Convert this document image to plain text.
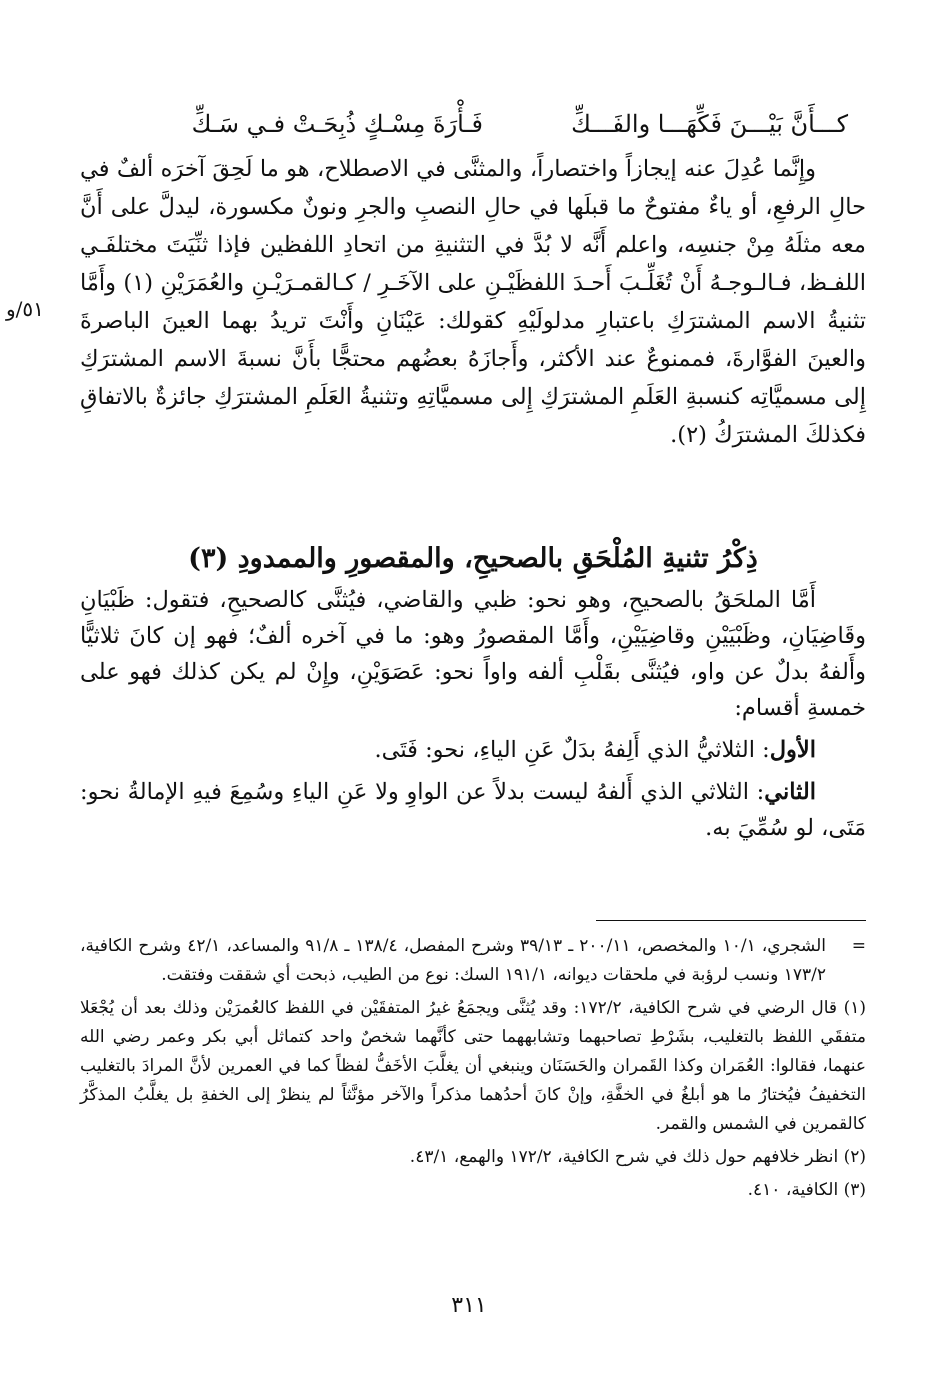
كـــأَنَّ بَيْـــنَ فَكِّهَـــا والفَـــكِّ
فَـأْرَةَ مِسْـكٍ ذُبِحَـتْ فـي سَـكِّ

وإِنَّما عُدِلَ عنه إيجازاً واختصاراً، والمثنَّى في الاصطلاح، هو ما لَحِقَ آخرَه ألفٌ في حالِ الرفعِ، أو ياءٌ مفتوحٌ ما قبلَها في حالِ النصبِ والجرِ ونونٌ مكسورة، ليدلَّ على أَنَّ معه مثلَهُ مِنْ جنسِه، واعلم أَنَّه لا بُدَّ في التثنيةِ من اتحادِ اللفظين فإذا ثنِّيَتَ مختلفَـي اللفـظ، فـالـوجـهُ أَنْ تُغَلِّـبَ أَحـدَ اللفظَيْـنِ على الآخَـرِ / كـالقمـرَيْـنِ والعُمَرَيْنِ (١) وأَمَّا تثنيةُ الاسم المشترَكِ باعتبارِ مدلولَيْهِ كقولك: عَيْنَانِ وأَنْتَ تريدُ بهما العينَ الباصرةَ والعينَ الفوَّارةَ، فممنوعٌ عند الأكثر، وأَجازَهُ بعضُهم محتجًّا بأَنَّ نسبةَ الاسم المشترَكِ إِلى مسميَّاتِه كنسبةِ العَلَمِ المشترَكِ إِلى مسميَّاتِهِ وتثنيةُ العَلَمِ المشترَكِ جائزةٌ بالاتفاقِ فكذلكَ المشترَكُ (٢).

٥١/و
ذِكْرُ تثنيةِ المُلْحَقِ بالصحيحِ، والمقصورِ والممدودِ (٣)

أَمَّا الملحَقُ بالصحيحِ، وهو نحو: ظبي والقاضي، فيُثنَّى كالصحيحِ، فتقول: ظَبْيَانِ وقَاضِيَانِ، وظَبْيَيْنِ وقاضِيَيْنِ، وأَمَّا المقصورُ وهو: ما في آخره ألفٌ؛ فهو إن كانَ ثلاثيًّا وأَلفهُ بدلٌ عن واو، فيُثنَّى بقَلْبِ ألفه واواً نحو: عَصَوَيْنِ، وإِنْ لم يكن كذلك فهو على خمسةِ أقسام:

الأول: الثلاثيُّ الذي أَلِفهُ بدَلٌ عَنِ الياءِ، نحو: فَتَى.

الثاني: الثلاثي الذي أَلفهُ ليست بدلاً عن الواوِ ولا عَنِ الياءِ وسُمِعَ فيهِ الإمالةُ نحو: مَتَى، لو سُمِّيَ به.

=
الشجري، ١٠/١ والمخصص، ٢٠٠/١١ ـ ٣٩/١٣ وشرح المفصل، ١٣٨/٤ ـ ٩١/٨ والمساعد، ٤٢/١ وشرح الكافية، ١٧٣/٢ ونسب لرؤبة في ملحقات ديوانه، ١٩١/١ السك: نوع من الطيب، ذبحت أي شققت وفتقت.

(١) قال الرضي في شرح الكافية، ١٧٢/٢: وقد يُثنَّى ويجمَعُ غيرُ المتفقَيْن في اللفظ كالعُمرَيْن وذلك بعد أن يُجْعَلا متفقَي اللفظ بالتغليب، بشَرْطِ تصاحبهما وتشابههما حتى كأنَّهما شخصٌ واحد كتماثل أبي بكر وعمر رضي الله عنهما، فقالوا: العُمَران وكذا القَمران والحَسَنَان وينبغي أن يغلَّبَ الأخَفُّ لفظاً كما في العمرين لأنَّ المرادَ بالتغليب التخفيفُ فيُختارُ ما هو أبلغُ في الخفَّةِ، وإنْ كانَ أحدُهما مذكراً والآخر مؤنَّثاً لم ينظرْ إلى الخفةِ بل يغلَّبُ المذكَّرُ كالقمرين في الشمس والقمر.

(٢) انظر خلافهم حول ذلك في شرح الكافية، ١٧٢/٢ والهمع، ٤٣/١.

(٣) الكافية، ٤١٠.

٣١١
